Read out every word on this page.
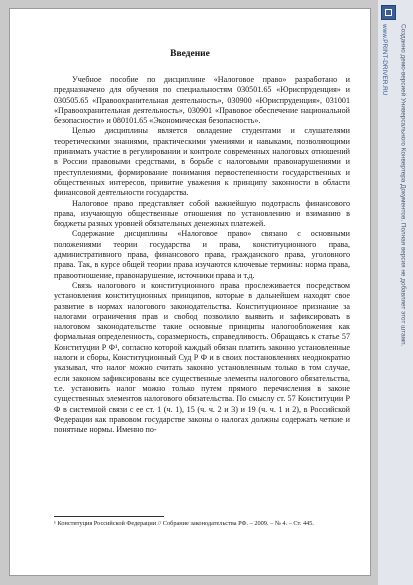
Введение

Учебное пособие по дисциплине «Налоговое право» разработано и предназначено для обучения по специальностям 030501.65 «Юриспруденция» и 030505.65 «Правоохранительная деятельность», 030900 «Юриспруденция», 031001 «Правоохранительная деятельность», 030901 «Правовое обеспечение национальной безопасности» и 080101.65 «Экономическая безопасность».

Целью дисциплины является овладение студентами и слушателями теоретическими знаниями, практическими умениями и навыками, позволяющими принимать участие в регулировании и контроле современных налоговых отношений в России правовыми средствами, в борьбе с налоговыми правонарушениями и преступлениями, формирование понимания первостепенности государственных и общественных интересов, привитие уважения к принципу законности в области финансовой деятельности государства.

Налоговое право представляет собой важнейшую подотрасль финансового права, изучающую общественные отношения по установлению и взиманию в бюджеты разных уровней обязательных денежных платежей.

Содержание дисциплины «Налоговое право» связано с основными положениями теории государства и права, конституционного права, административного права, финансового права, гражданского права, уголовного права. Так, в курсе общей теории права изучаются ключевые термины: норма права, правоотношение, правонарушение, источники права и т.д.

Связь налогового и конституционного права прослеживается посредством установления конституционных принципов, которые в дальнейшем находят свое развитие в нормах налогового законодательства. Конституционное признание за налогами ограничения прав и свобод позволило выявить и зафиксировать в налоговом законодательстве такие основные принципы налогообложения как формальная определенность, соразмерность, справедливость. Обращаясь к статье 57 Конституции Р Ф¹, согласно которой каждый обязан платить законно установленные налоги и сборы, Конституционный Суд Р Ф и в своих постановлениях неоднократно указывал, что налог можно считать законно установленным только в том случае, если законом зафиксированы все существенные элементы налогового обязательства, т.е. установить налог можно только путем прямого перечисления в законе существенных элементов налогового обязательства. По смыслу ст. 57 Конституции Р Ф в системной связи с ее ст. 1 (ч. 1), 15 (ч. ч. 2 и 3) и 19 (ч. ч. 1 и 2), в Российской Федерации как правовом государстве законы о налогах должны содержать четкие и понятные нормы. Именно по-

¹ Конституция Российской Федерации // Собрание законодательства РФ. – 2009. – № 4. – Ст. 445.
www.PRINT-DRIVER.RU Созданно демо-версией Универсального Конвертера Документов. Полная версия не добавляет этот штамп.
